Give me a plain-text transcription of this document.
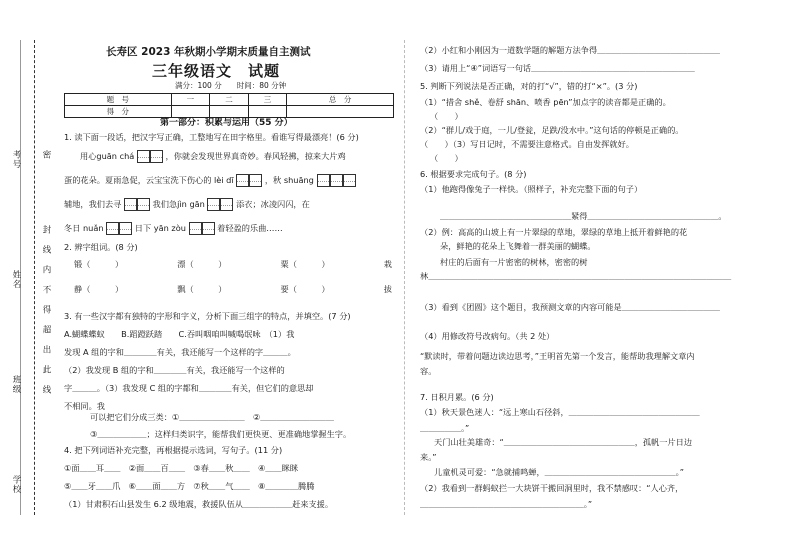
密
封
线
内
不
得
超
出
此
线
考号
姓名
班级
学校
长寿区 2023 年秋期小学期末质量自主测试
三年级语文　试题
满分：100 分　　时间：80 分钟
题　号	一	二	三	总　分
得　分				
第一部分：积累与运用（55 分）
1. 读下面一段话，把汉字写正确，工整地写在田字格里。看谁写得最漂亮！(6 分)
用心guān chá	，你就会发现世界真奇妙。春风轻拂，掠来大片鸡
蛋的花朵。夏雨急促，云宝宝洗下伤心的 lèi dī	，秋 shuāng
辅地，我们去寻	我们急jìn gān	添衣；冰凌闪闪，在
冬日 nuǎn	日下 yān zòu	着轻盈的乐曲……
2. 辨字组词。(8 分)
锻（　　　）	漂（　　　）	粟（　　　）	栽
静（　　　）	飘（　　　）	要（　　　）	拔
3. 有一些汉字都有独特的字形和字义，分析下面三组字的特点，并填空。(7 分)
A.蝴蝶蝶蚁　　B.蹈蹬跃踏　　C.吞叫咽咱叫喊喝氓咏　（1）我
发现 A 组的字和＿＿＿＿有关，我还能写一个这样的字＿＿＿。
（2）我发现 B 组的字和＿＿＿＿有关，我还能写一个这样的
字＿＿＿。（3）我发现 C 组的字都和＿＿＿＿有关，但它们的意思却
不相同。我
可以把它们分成三类：①＿＿＿＿＿＿＿＿　②＿＿＿＿＿＿＿＿＿
③＿＿＿＿＿＿；这样归类识字，能帮我们更快更、更准确地掌握生字。
4. 把下列词语补充完整，再根据提示选词，写句子。(11 分)
①面＿＿耳＿＿　②面＿＿百＿＿　③春＿＿秋＿＿　④＿＿眯眯
⑤＿＿牙＿＿爪　⑥＿＿面＿＿方　⑦秋＿＿气＿＿　⑧＿＿＿＿腾腾
（1）甘肃积石山县发生 6.2 级地震，救援队伍从＿＿＿＿＿＿赶来支援。
（2）小红和小刚因为一道数学题的解题方法争得＿＿＿＿＿＿＿＿＿＿＿＿＿＿＿
（3）请用上“④”词语写一句话＿＿＿＿＿＿＿＿＿＿＿＿＿＿＿＿＿＿＿＿
5. 判断下列说法是否正确，对的打“√”，错的打“×”。(3 分)
（1）“措舍 shě、卷舒 shān、喷香 pēn”加点字的读音都是正确的。
（　　）
（2）“群儿/戏于庭，一儿/登瓮，足跌/没水中。”这句话的停顿是正确的。
（　　）（3）写日记时，不需要注意格式。自由发挥就好。
（　　）
6. 根据要求完成句子。(8 分)
（1）他跑得像兔子一样快。（照样子，补充完整下面的句子）
＿＿＿＿＿＿＿＿＿＿＿＿＿＿＿＿紧得＿＿＿＿＿＿＿＿＿＿＿＿＿＿＿＿。
（2）例：高高的山坡上有一片翠绿的草地，翠绿的草地上抵开着鲜艳的花
朵，鲜艳的花朵上飞舞着一群美丽的蝴蝶。
村庄的后面有一片密密的树林，密密的树
林＿＿＿＿＿＿＿＿＿＿＿＿＿＿＿＿＿＿＿＿＿＿＿＿＿＿＿＿＿＿＿＿＿＿＿＿＿
（3）看到《团圆》这个题目，我预测文章的内容可能是＿＿＿＿＿＿＿＿＿＿＿＿
（4）用修改符号改病句。（共 2 处）
“默读时，带着问题边读边思考，”王明首先第一个发言，能帮助我理解文章内
容。
7. 日积月累。(6 分)
（1）秋天景色迷人：“远上寒山石径斜，＿＿＿＿＿＿＿＿＿＿＿＿＿＿＿＿
＿＿＿＿＿。”
天门山壮美雄奇：“＿＿＿＿＿＿＿＿＿＿＿＿＿＿＿＿，孤帆一片日边
来。”
儿童机灵可爱：“急就捕鸣蝉，＿＿＿＿＿＿＿＿＿＿＿＿＿＿＿＿。”
（2）我看到一群蚂蚁拦一大块饼干搬回洞里时，我不禁感叹：“人心齐，
＿＿＿＿＿＿＿＿＿＿＿＿＿＿＿＿＿＿＿＿。”
